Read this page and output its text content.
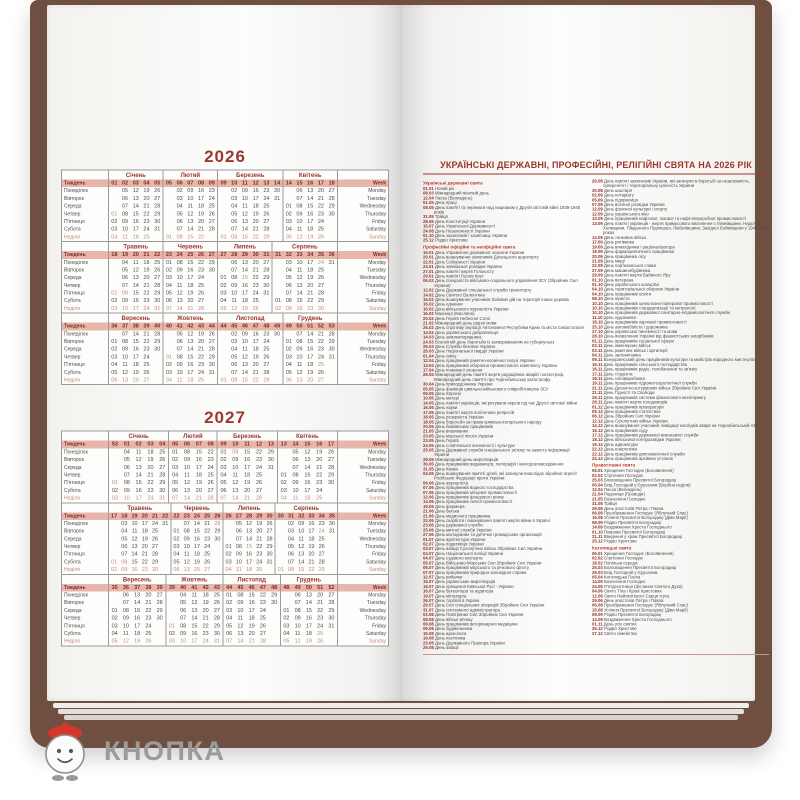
2026
Тиждень
Понеділок
Вівторок
Середа
Четвер
П'ятниця
Субота
Неділя
Січень
01 02 03 04 05
05 12 19 26
06 13 20 27
07 14 21 28
01 08 15 22 29
02 09 16 23 30
03 10 17 24 31
04 11 18 25
Лютий
05 06 07 08 09
02 09 16 23
03 10 17 24
04 11 18 25
05 12 19 26
06 13 20 27
07 14 21 28
01 08 15 22
Березень
09 10 11 12 13 14
02 09 16 23 30
03 10 17 24 31
04 11 18 25
05 12 19 26
06 13 20 27
07 14 21 28
01 08 15 22 29
Квітень
14 15 16 17 18
06 13 20 27
07 14 21 28
01 08 15 22 29
02 09 16 23 30
03 10 17 24
04 11 18 25
05 12 19 26
Week
Monday
Tuesday
Wednesday
Thursday
Friday
Saturday
Sunday
Тиждень
Понеділок
Вівторок
Середа
Четвер
П'ятниця
Субота
Неділя
Травень
18 19 20 21 22
04 11 18 25
05 12 19 26
06 13 20 27
07 14 21 28
01 08 15 22 29
02 09 16 23 30
03 10 17 24 31
Червень
23 24 25 26 27
01 08 15 22 29
02 09 16 23 30
03 10 17 24
04 11 18 25
05 12 19 26
06 13 20 27
07 14 21 28
Липень
27 28 29 30 31
06 13 20 27
07 14 21 28
01 08 15 22 29
02 09 16 23 30
03 10 17 24 31
04 11 18 25
05 12 19 26
Серпень
31 32 33 34 35 36
03 10 17 24 31
04 11 18 25
05 12 19 26
06 13 20 27
07 14 21 28
01 08 15 22 29
02 09 16 23 30
Week
Monday
Tuesday
Wednesday
Thursday
Friday
Saturday
Sunday
Тиждень
Понеділок
Вівторок
Середа
Четвер
П'ятниця
Субота
Неділя
Вересень
36 37 38 39 40
07 14 21 28
01 08 15 22 29
02 09 16 23 30
03 10 17 24
04 11 18 25
05 12 19 26
06 13 20 27
Жовтень
40 41 42 43 44
05 12 19 26
06 13 20 27
07 14 21 28
01 08 15 22 29
02 09 16 23 30
03 10 17 24 31
04 11 18 25
Листопад
44 45 46 47 48 49
02 09 16 23 30
03 10 17 24
04 11 18 25
05 12 19 26
06 13 20 27
07 14 21 28
01 08 15 22 29
Грудень
49 50 51 52 53
07 14 21 28
01 08 15 22 29
02 09 16 23 30
03 10 17 24 31
04 11 18 25
05 12 19 26
06 13 20 27
Week
Monday
Tuesday
Wednesday
Thursday
Friday
Saturday
Sunday
2027
Тиждень
Понеділок
Вівторок
Середа
Четвер
П'ятниця
Субота
Неділя
Січень
53 01 02 03 04
04 11 18 25
05 12 19 26
06 13 20 27
07 14 21 28
01 08 15 22 29
02 09 16 23 30
03 10 17 24 31
Лютий
05 06 07 08
01 08 15 22
02 09 16 23
03 10 17 24
04 11 18 25
05 12 19 26
06 13 20 27
07 14 21 28
Березень
09 10 11 12 13
01 08 15 22 29
02 09 16 23 30
03 10 17 24 31
04 11 18 25
05 12 19 26
06 13 20 27
07 14 21 28
Квітень
13 14 15 16 17
05 12 19 26
06 13 20 27
07 14 21 28
01 08 15 22 29
02 09 16 23 30
03 10 17 24
04 11 18 25
Week
Monday
Tuesday
Wednesday
Thursday
Friday
Saturday
Sunday
Тиждень
Понеділок
Вівторок
Середа
Четвер
П'ятниця
Субота
Неділя
Травень
17 18 19 20 21 22
03 10 17 24 31
04 11 18 25
05 12 19 26
06 13 20 27
07 14 21 28
01 08 15 22 29
02 09 16 23 30
Червень
22 23 24 25 26
07 14 21 28
01 08 15 22 29
02 09 16 23 30
03 10 17 24
04 11 18 25
05 12 19 26
06 13 20 27
Липень
26 27 28 29 30
05 12 19 26
06 13 20 27
07 14 21 28
01 08 15 22 29
02 09 16 23 30
03 10 17 24 31
04 11 18 25
Серпень
30 31 32 33 34 35
02 09 16 23 30
03 10 17 24 31
04 11 18 25
05 12 19 26
06 13 20 27
07 14 21 28
01 08 15 22 29
Week
Monday
Tuesday
Wednesday
Thursday
Friday
Saturday
Sunday
Тиждень
Понеділок
Вівторок
Середа
Четвер
П'ятниця
Субота
Неділя
Вересень
35 36 37 38 39
06 13 20 27
07 14 21 28
01 08 15 22 29
02 09 16 23 30
03 10 17 24
04 11 18 25
05 12 19 26
Жовтень
39 40 41 42 43
04 11 18 25
05 12 19 26
06 13 20 27
07 14 21 28
01 08 15 22 29
02 09 16 23 30
03 10 17 24 31
Листопад
44 45 46 47 48
01 08 15 22 29
02 09 16 23 30
03 10 17 24
04 11 18 25
05 12 19 26
06 13 20 27
07 14 21 28
Грудень
48 49 50 51 52
06 13 20 27
07 14 21 28
01 08 15 22 29
02 09 16 23 30
03 10 17 24 31
04 11 18 25
05 12 19 26
Week
Monday
Tuesday
Wednesday
Thursday
Friday
Saturday
Sunday
УКРАЇНСЬКІ ДЕРЖАВНІ, ПРОФЕСІЙНІ, РЕЛІГІЙНІ СВЯТА НА 2026 РІК
Українські державні свята
01.01 Новий рік
08.03 Міжнародний жіночий день
12.04 Паска (Великдень)
01.05 День праці
08.05 День пам'яті та перемоги над нацизмом у Другій світовій війні 1939-1945 років
31.05 Трійця
28.06 День Конституції України
15.07 День Української Державності
24.08 День Незалежності України
01.10 День захисників і захисниць України
25.12 Різдво Христове
Професійні офіційні та неофіційні свята
15.01 День Управління державної охорони України
20.01 День вшанування захисників Донецького аеропорту
22.01 День Соборності України
24.01 День зовнішньої розвідки України
27.01 День пам'яті жертв Голокосту
29.01 День пам'яті Героїв Крут
06.02 День спеціаліста військово-соціального управління ЗСУ (Збройних Сил України)
12.02 День Державної спеціальної служби транспорту
14.02 День Святого Валентина
15.02 День вшанування учасників бойових дій на території інших держав
16.02 День єднання
16.02 День військового журналіста України
16.02 Масниця (Масляна)
20.02 День Героїв Небесної Сотні
21.02 Міжнародний день рідної мови
26.02 День спротиву окупації Автономної Республіки Крим та міста Севастополя
14.03 День українського добровольця
14.03 День землевпорядника
24.03 Всесвітній день боротьби із захворюванням на туберкульоз
25.03 День Служби безпеки України
26.03 День Національної гвардії України
01.04 День сміху
12.04 День працівників ракетно-космічної галузі України
13.04 День працівників оборонно-промислового комплексу України
17.04 День пожежної охорони
26.04 Міжнародний день пам'яті жертв радіаційних аварій і катастроф. Міжнародний день пам'яті про Чорнобильську катастрофу
30.04 День прикордонника України
05.05 День фахівців цивільно-військового співробітництва ЗСУ
09.05 День Європи
10.05 День матері
14.05 День пам'яті українців, які рятували євреїв під час Другої світової війни
16.05 День науки
17.05 День пам'яті жертв політичних репресій
18.05 День резервіста України
18.05 День боротьби за права кримськотатарського народу
20.05 День банківських працівників
21.05 День вишиванки
23.05 День морської піхоти України
23.05 День Героїв
24.05 День слов'янської писемності і культури
25.05 День Державної служби спеціального зв'язку та захисту інформації України
29.05 Міжнародний день миротворців
30.05 День працівників видавництв, поліграфії і книгорозповсюдження
31.05 День Києва
04.06 День вшанування пам'яті дітей, які загинули внаслідок збройної агресії Російської Федерації проти України
06.06 День журналіста
07.06 День працівників водного господарства
07.06 День працівників місцевої промисловості
12.06 День працівників фондового ринку
14.06 День працівників легкої промисловості
19.06 День фермера
21.06 День батька
21.06 День медичного працівника
22.06 День скорботи і вшанування пам'яті жертв війни в Україні
23.06 День державної служби
25.06 День митної служби України
27.06 День молодіжних та дитячих громадських організацій
01.07 День архітектури України
02.07 День податківця України
03.07 День авіації Сухопутних військ Збройних Сил України
04.07 День Національної поліції України
04.07 День судового експерта
05.07 День Військово-Морських Сил Збройних Сил України
05.07 День працівників морського та річкового флоту
07.07 День працівників природно-заповідної справи
12.07 День рибалки
15.07 День українських миротворців
15.07 День хрещення Київської Русі - України
16.07 День бухгалтера та аудитора
19.07 День металурга
26.07 День торгівлі в Україні
29.07 День Сил спеціальних операцій Збройних Сил України
31.07 День системного адміністратора
02.08 День Повітряних Сил Збройних Сил України
08.08 День військ зв'язку
09.08 День працівників ветеринарної медицини
09.08 День будівельника
15.08 День археолога
19.08 День пасічника
23.08 День Державного Прапора України
29.08 День авіації
29.08 День пам'яті захисників України, які загинули в боротьбі за незалежність, суверенітет і територіальну цілісність України
30.08 День шахтаря
02.09 День нотаріату
05.09 День підприємця
07.09 День воєнної розвідки України
12.09 День фізичної культури і спорту
12.09 День українського кіно
13.09 День працівників нафтової, газової та нафтопереробної промисловості
13.09 День пам'яті українців - жертв примусового виселення з Лемківщини, Надсяння, Холмщини, Південного Підляшшя, Любачівщини, Західної Бойківщини у 1944-1951 роках
14.09 День танкових військ
17.09 День рятівника
19.09 День винахідника і раціоналізатора
19.09 День фармацевтичного працівника
20.09 День працівника лісу
21.09 День миру
22.09 День партизанської слави
27.09 День машинобудівника
29.09 День пам'яті жертв Бабиного Яру
01.10 День ветерана
01.10 День українського козацтва
04.10 День територіальної оборони України
04.10 День працівників освіти
08.10 День юриста
10.10 День працівників целюлозно-паперової промисловості
10.10 День працівників стандартизації та метрології
10.10 День працівників державної санітарно-епідеміологічної служби
11.10 День художника
18.10 День працівників харчової промисловості
25.10 День автомобіліста і дорожника
27.10 День української писемності та мови
28.10 День визволення України від фашистських загарбників
01.11 День працівників соціальної сфери
03.11 День інженерних військ
03.11 День ракетних військ і артилерії
04.11 День залізничника
09.11 Всеукраїнський день працівників культури та майстрів народного мистецтва
15.11 День працівників сільського господарства
16.11 День працівників радіо, телебачення та зв'язку
17.11 День студента
19.11 День скловиробника
19.11 День працівників гідрометеорологічної служби
21.11 День Десантно-штурмових військ Збройних Сил України
21.11 День Гідності та Свободи
26.11 День працівників системи фінансового моніторингу
28.11 День пам'яті жертв голодоморів
01.12 День працівників прокуратури
05.12 День працівників статистики
06.12 День Збройних Сил України
12.12 День Сухопутних військ України
14.12 День вшанування учасників ліквідації наслідків аварії на Чорнобильській АЕС
15.12 День працівників суду
17.12 День працівників державної виконавчої служби
18.12 День військової контррозвідки України
19.12 День адвокатури
22.12 День енергетика
22.12 День працівників дипломатичної служби
24.12 День працівників архівних установ
Православні свята
06.01 Хрещення Господнє (Богоявлення)
02.02 Стрітення Господнє
25.03 Благовіщення Пресвятої Богородиці
05.04 Вхід Господній у Єрусалим (Вербна неділя)
12.04 Пасха (Великдень)
21.04 Радониця (Проводи)
21.05 Вознесіння Господнє
31.05 Трійця
29.06 День апостолів Петра і Павла
06.08 Преображення Господнє (Яблучний Спас)
15.08 Успіння Пресвятої Богородиці (Діви Марії)
08.09 Різдво Пресвятої Богородиці
14.09 Воздвиження Хреста Господнього
01.10 Покрова Пресвятої Богородиці
21.11 Введення у храм Пресвятої Богородиці
25.12 Різдво Христове
Католицькі свята
06.01 Хрещення Господнє (Богоявлення)
02.02 Стрітення Господнє
18.02 Попільна середа
25.03 Благовіщення Пресвятої Богородиці
29.03 Вхід Господній у Єрусалим
05.04 Католицька Пасха
14.05 Вознесіння Господнє
24.05 П'ятдесятниця (Зіслання Святого Духа)
04.06 Свято Тіла і Крові Христових
12.06 Свято Найсвятішого Серця Ісуса
29.06 День апостолів Петра і Павла
06.08 Преображення Господнє (Яблучний Спас)
15.08 Успіння Пресвятої Богородиці (Діви Марії)
08.09 Різдво Пресвятої Богородиці
14.09 Воздвиження Хреста Господнього
01.11 День усіх святих
25.12 Різдво Христове
27.12 Свято сімейства
КНОПКА
